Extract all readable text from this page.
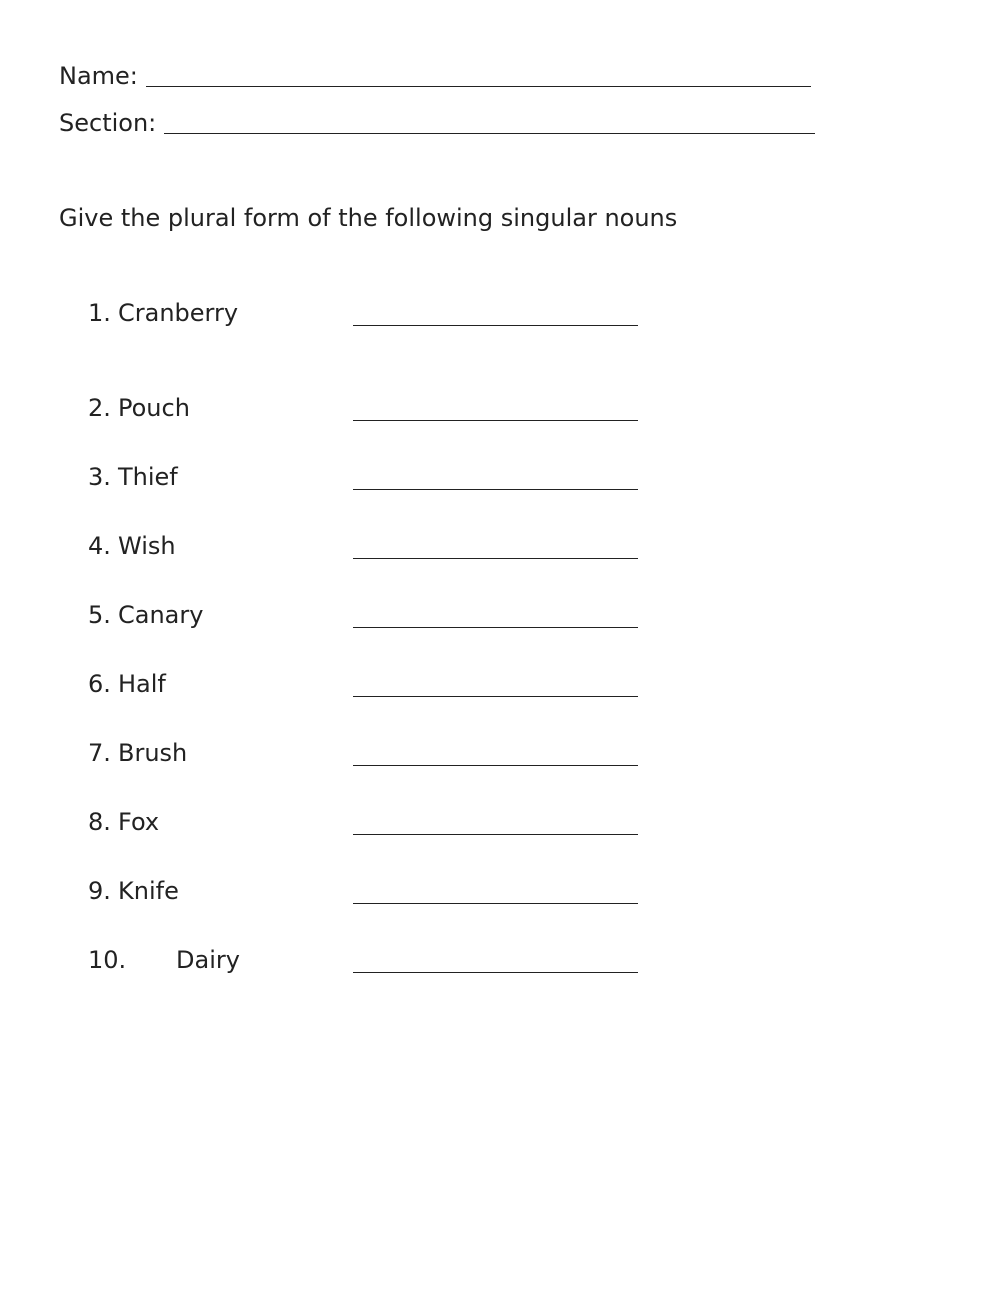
Name:
Section:
Give the plural form of the following singular nouns
1. Cranberry
2. Pouch
3. Thief
4. Wish
5. Canary
6. Half
7. Brush
8. Fox
9. Knife
10. Dairy
